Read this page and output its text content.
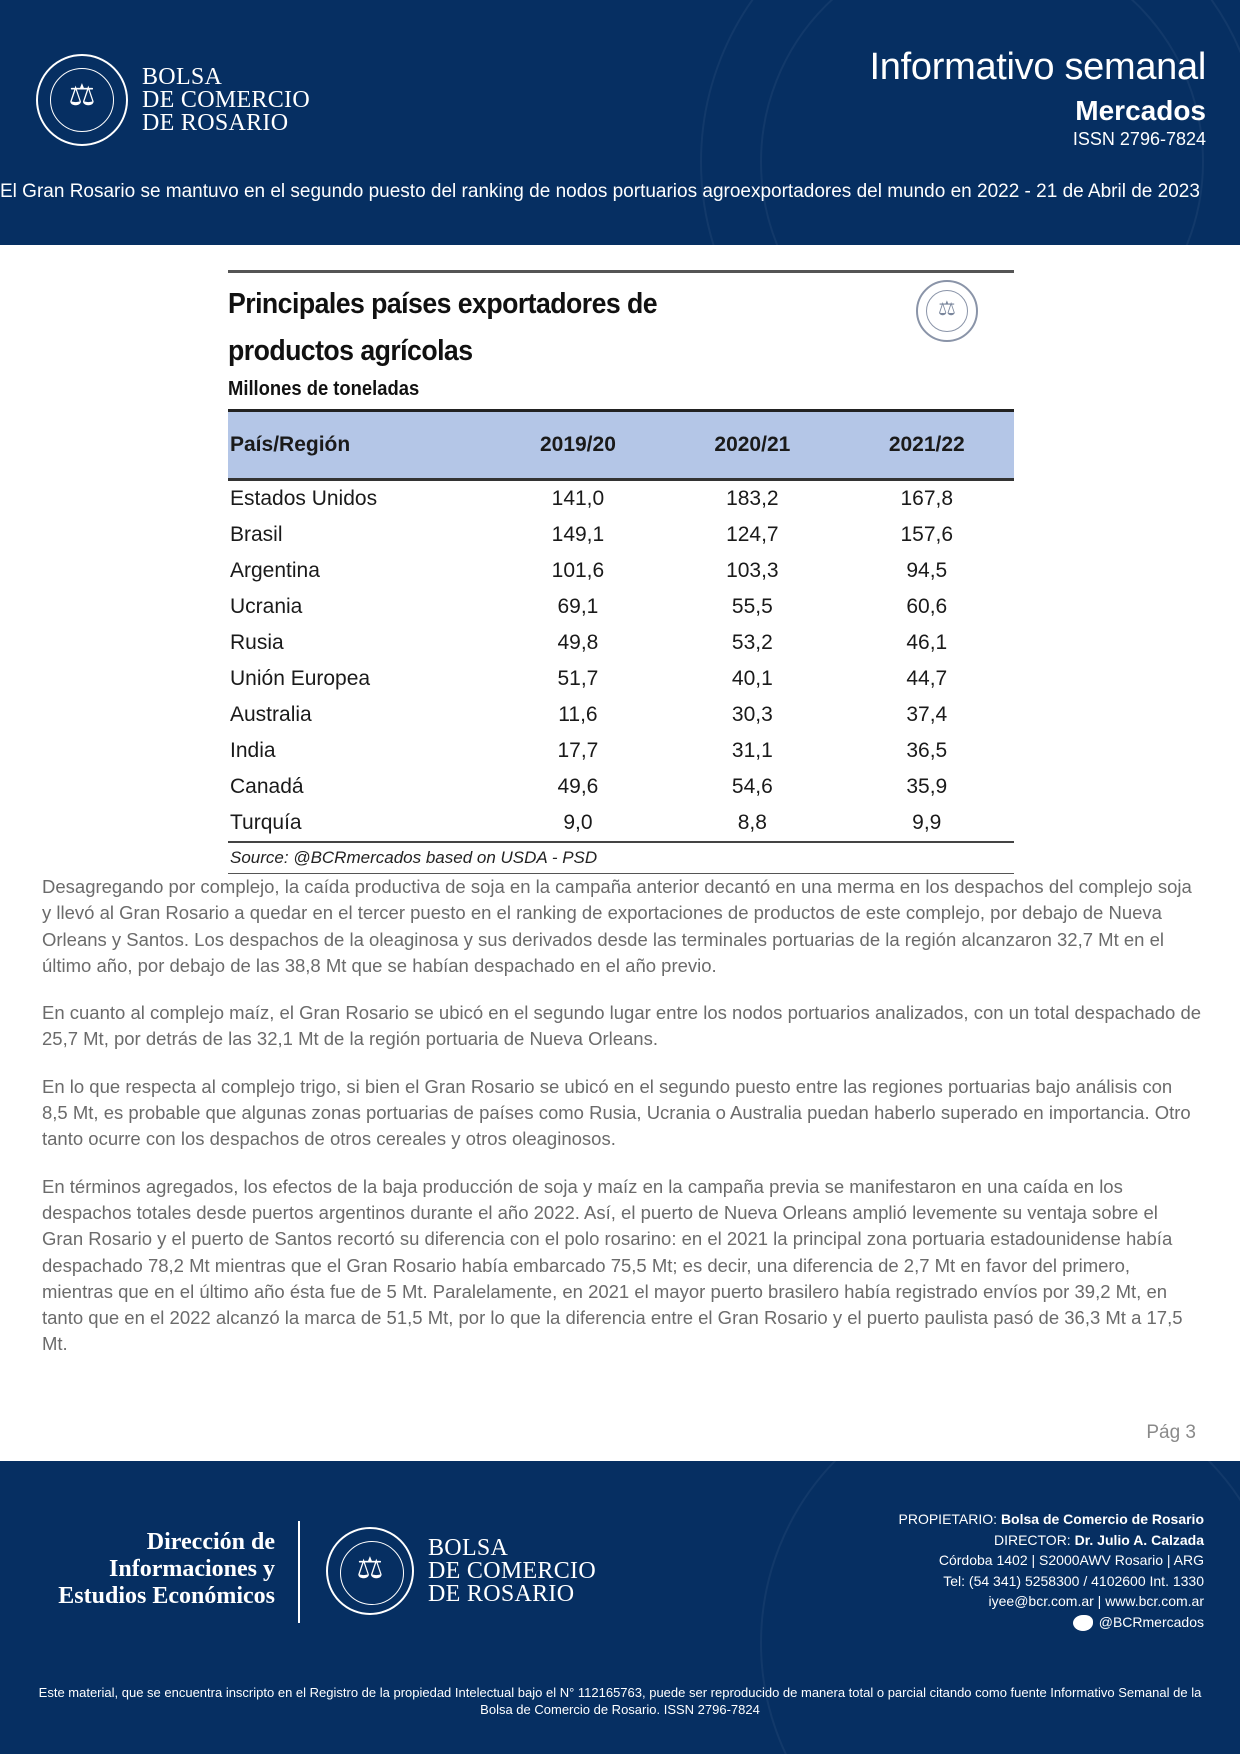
⚖
BOLSA
DE COMERCIO
DE ROSARIO
Informativo semanal
Mercados
ISSN 2796-7824
El Gran Rosario se mantuvo en el segundo puesto del ranking de nodos portuarios agroexportadores del mundo en 2022 - 21 de Abril de 2023
⚖
Principales países exportadores de
productos agrícolas
Millones de toneladas
País/Región	2019/20	2020/21	2021/22
Estados Unidos	141,0	183,2	167,8
Brasil	149,1	124,7	157,6
Argentina	101,6	103,3	94,5
Ucrania	69,1	55,5	60,6
Rusia	49,8	53,2	46,1
Unión Europea	51,7	40,1	44,7
Australia	11,6	30,3	37,4
India	17,7	31,1	36,5
Canadá	49,6	54,6	35,9
Turquía	9,0	8,8	9,9
Source: @BCRmercados based on USDA - PSD

Desagregando por complejo, la caída productiva de soja en la campaña anterior decantó en una merma en los despachos del complejo soja y llevó al Gran Rosario a quedar en el tercer puesto en el ranking de exportaciones de productos de este complejo, por debajo de Nueva Orleans y Santos. Los despachos de la oleaginosa y sus derivados desde las terminales portuarias de la región alcanzaron 32,7 Mt en el último año, por debajo de las 38,8 Mt que se habían despachado en el año previo.

En cuanto al complejo maíz, el Gran Rosario se ubicó en el segundo lugar entre los nodos portuarios analizados, con un total despachado de 25,7 Mt, por detrás de las 32,1 Mt de la región portuaria de Nueva Orleans.

En lo que respecta al complejo trigo, si bien el Gran Rosario se ubicó en el segundo puesto entre las regiones portuarias bajo análisis con 8,5 Mt, es probable que algunas zonas portuarias de países como Rusia, Ucrania o Australia puedan haberlo superado en importancia. Otro tanto ocurre con los despachos de otros cereales y otros oleaginosos.

En términos agregados, los efectos de la baja producción de soja y maíz en la campaña previa se manifestaron en una caída en los despachos totales desde puertos argentinos durante el año 2022. Así, el puerto de Nueva Orleans amplió levemente su ventaja sobre el Gran Rosario y el puerto de Santos recortó su diferencia con el polo rosarino: en el 2021 la principal zona portuaria estadounidense había despachado 78,2 Mt mientras que el Gran Rosario había embarcado 75,5 Mt; es decir, una diferencia de 2,7 Mt en favor del primero, mientras que en el último año ésta fue de 5 Mt. Paralelamente, en 2021 el mayor puerto brasilero había registrado envíos por 39,2 Mt, en tanto que en el 2022 alcanzó la marca de 51,5 Mt, por lo que la diferencia entre el Gran Rosario y el puerto paulista pasó de 36,3 Mt a 17,5 Mt.

Pág 3
Dirección de
Informaciones y
Estudios Económicos
⚖
BOLSA
DE COMERCIO
DE ROSARIO
PROPIETARIO: Bolsa de Comercio de Rosario
DIRECTOR: Dr. Julio A. Calzada
Córdoba 1402 | S2000AWV Rosario | ARG
Tel: (54 341) 5258300 / 4102600 Int. 1330
iyee@bcr.com.ar | www.bcr.com.ar
@BCRmercados
Este material, que se encuentra inscripto en el Registro de la propiedad Intelectual bajo el N° 112165763, puede ser reproducido de manera total o parcial citando como fuente Informativo Semanal de la Bolsa de Comercio de Rosario. ISSN 2796-7824
